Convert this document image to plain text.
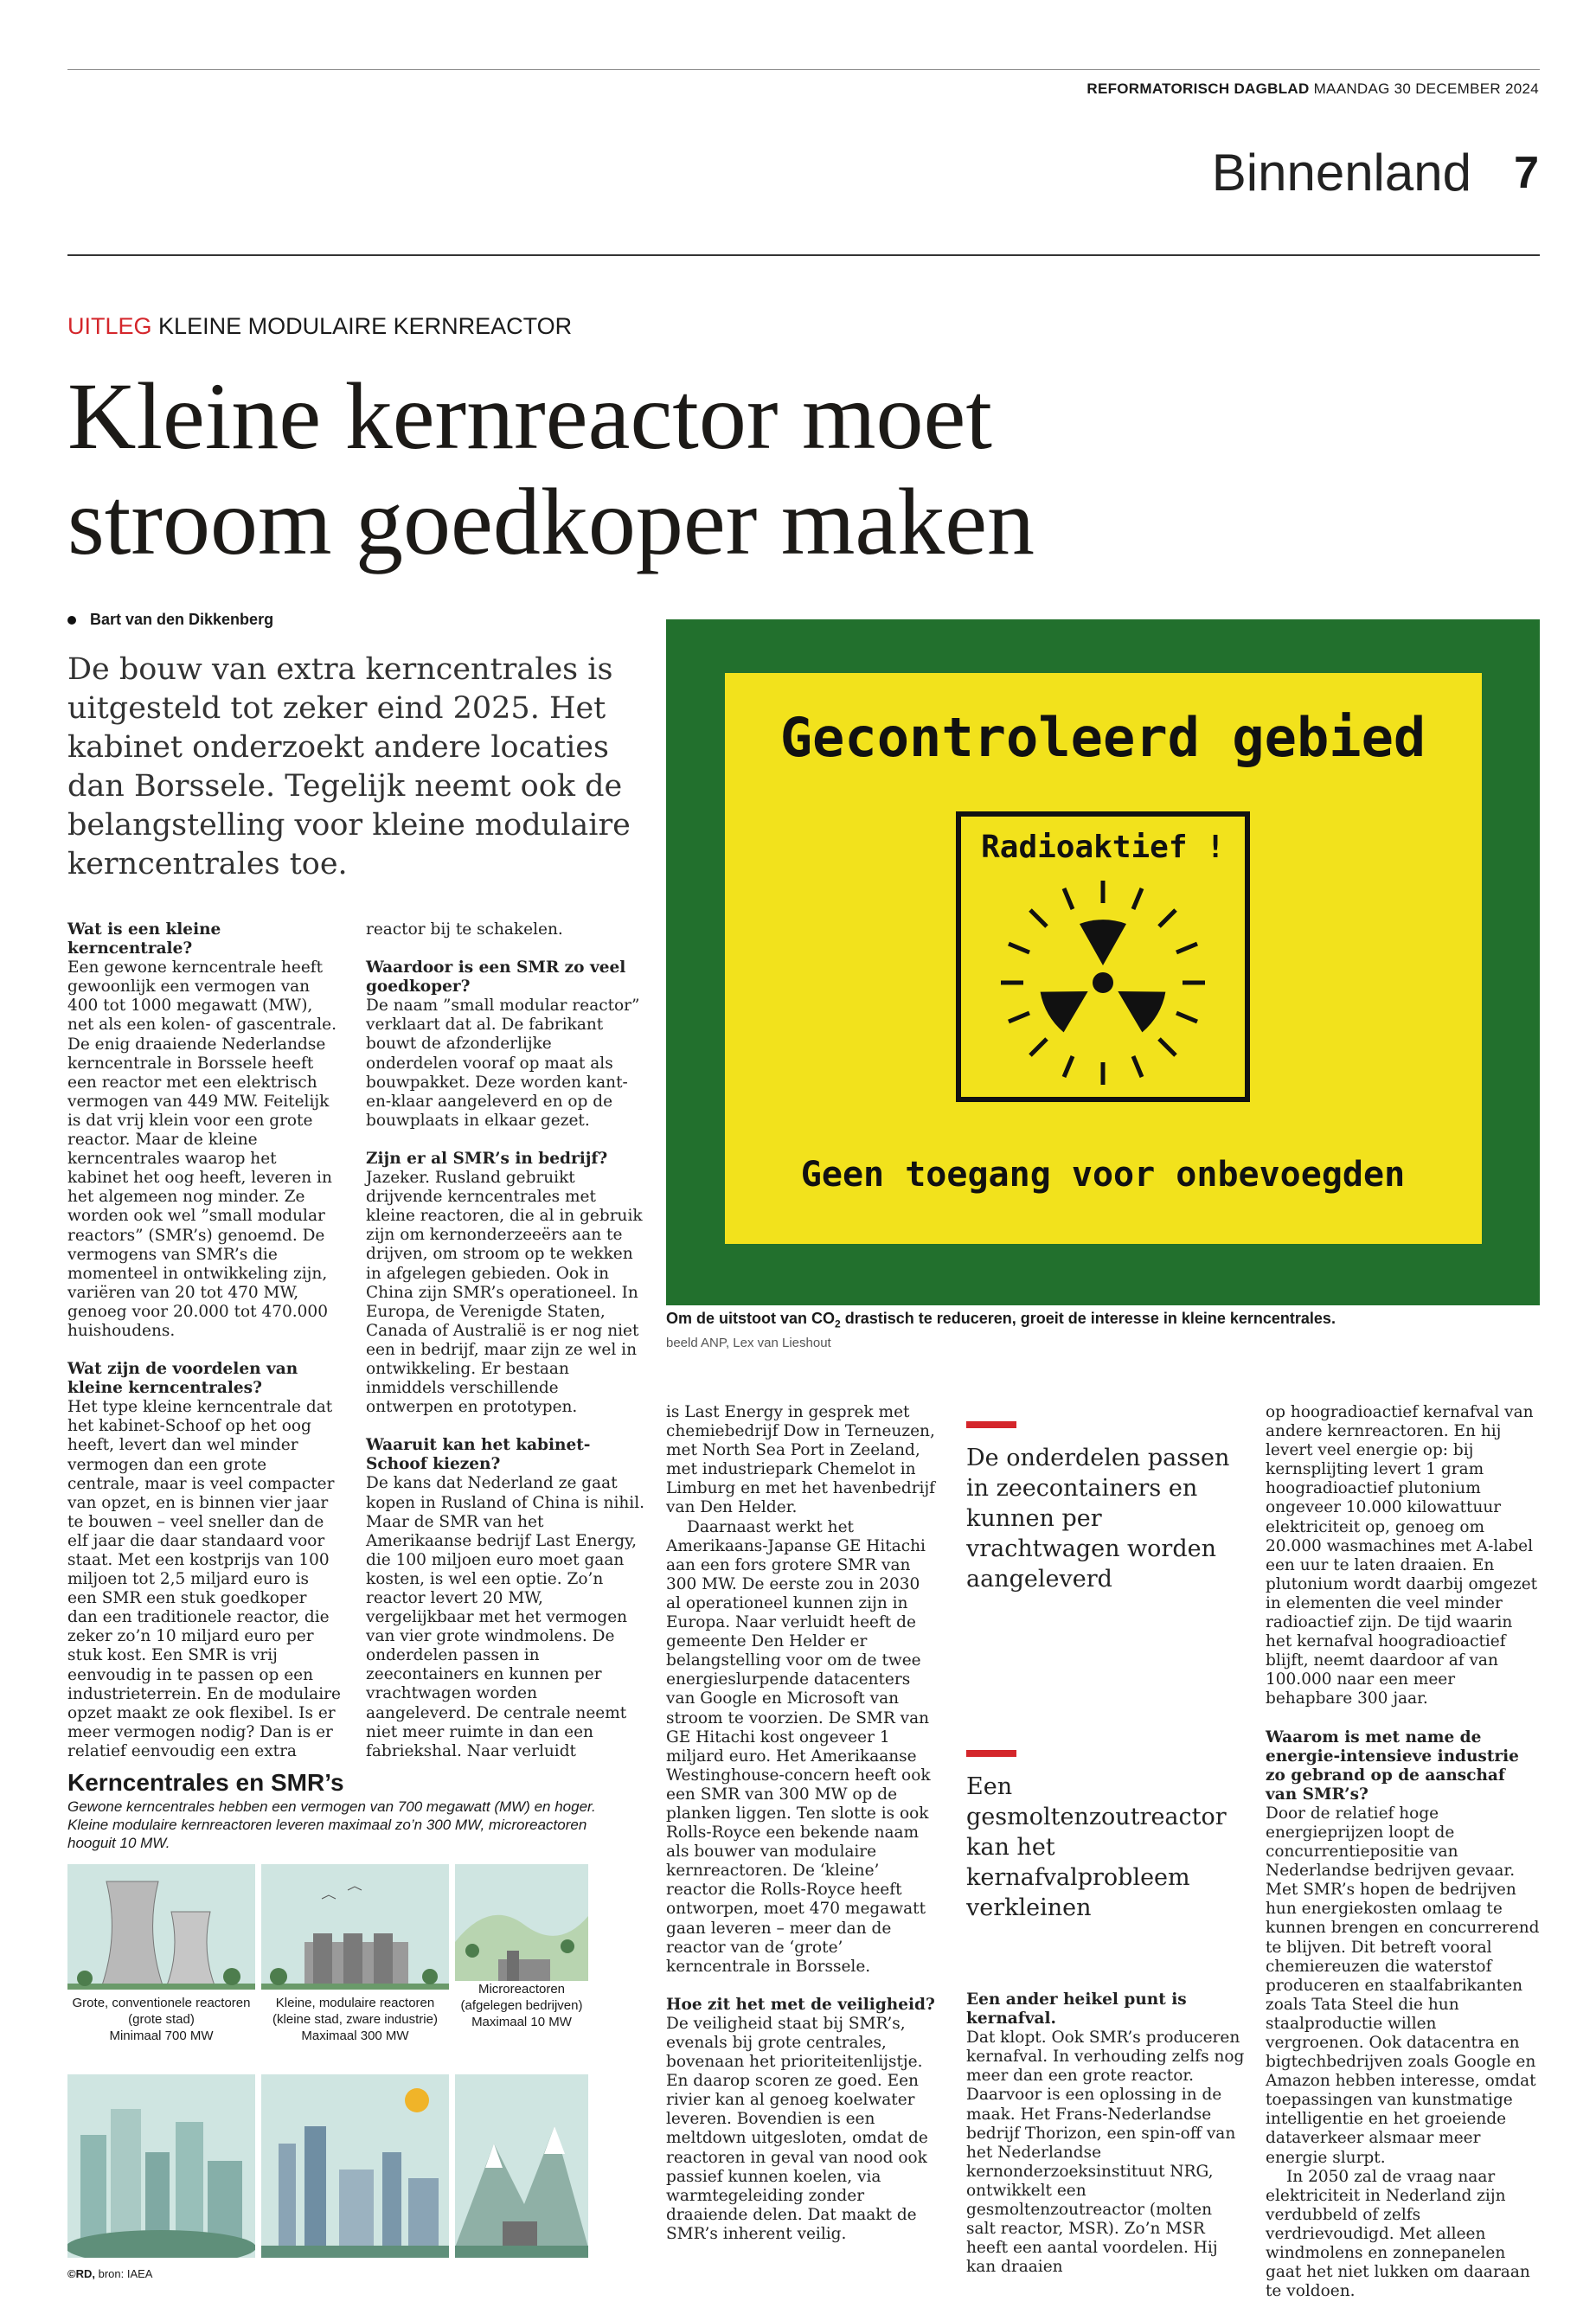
REFORMATORISCH DAGBLAD MAANDAG 30 DECEMBER 2024
Binnenland 7
UITLEG KLEINE MODULAIRE KERNREACTOR
Kleine kernreactor moet
stroom goedkoper maken
Bart van den Dikkenberg
De bouw van extra kerncentrales is uitgesteld tot zeker eind 2025. Het kabinet onderzoekt andere locaties dan Borssele. Tegelijk neemt ook de belangstelling voor kleine modulaire kerncentrales toe.

Wat is een kleine kerncentrale?

Een gewone kerncentrale heeft gewoonlijk een vermogen van 400 tot 1000 megawatt (MW), net als een kolen- of gascentrale. De enig draaiende Nederlandse kerncentrale in Borssele heeft een reactor met een elektrisch vermogen van 449 MW. Feitelijk is dat vrij klein voor een grote reactor. Maar de kleine kerncentrales waarop het kabinet het oog heeft, leveren in het algemeen nog minder. Ze worden ook wel ”small modular reactors” (SMR’s) genoemd. De vermogens van SMR’s die momenteel in ontwikkeling zijn, variëren van 20 tot 470 MW, genoeg voor 20.000 tot 470.000 huishoudens.

Wat zijn de voordelen van kleine kerncentrales?

Het type kleine kerncentrale dat het kabinet-Schoof op het oog heeft, levert dan wel minder vermogen dan een grote centrale, maar is veel compacter van opzet, en is binnen vier jaar te bouwen – veel sneller dan de elf jaar die daar standaard voor staat. Met een kostprijs van 100 miljoen tot 2,5 miljard euro is een SMR een stuk goedkoper dan een traditionele reactor, die zeker zo’n 10 miljard euro per stuk kost. Een SMR is vrij eenvoudig in te passen op een industrieterrein. En de modulaire opzet maakt ze ook flexibel. Is er meer vermogen nodig? Dan is er relatief eenvoudig een extra

reactor bij te schakelen.

Waardoor is een SMR zo veel goedkoper?

De naam ”small modular reactor” verklaart dat al. De fabrikant bouwt de afzonderlijke onderdelen vooraf op maat als bouwpakket. Deze worden kant-en-klaar aangeleverd en op de bouwplaats in elkaar gezet.

Zijn er al SMR’s in bedrijf?

Jazeker. Rusland gebruikt drijvende kerncentrales met kleine reactoren, die al in gebruik zijn om kernonderzeeërs aan te drijven, om stroom op te wekken in afgelegen gebieden. Ook in China zijn SMR’s operationeel. In Europa, de Verenigde Staten, Canada of Australië is er nog niet een in bedrijf, maar zijn ze wel in ontwikkeling. Er bestaan inmiddels verschillende ontwerpen en prototypen.

Waaruit kan het kabinet-Schoof kiezen?

De kans dat Nederland ze gaat kopen in Rusland of China is nihil. Maar de SMR van het Amerikaanse bedrijf Last Energy, die 100 miljoen euro moet gaan kosten, is wel een optie. Zo’n reactor levert 20 MW, vergelijkbaar met het vermogen van vier grote windmolens. De onderdelen passen in zeecontainers en kunnen per vrachtwagen worden aangeleverd. De centrale neemt niet meer ruimte in dan een fabriekshal. Naar verluidt

Gecontroleerd gebied
Radioaktief !
Geen toegang voor onbevoegden
Om de uitstoot van $CO_2$ drastisch te reduceren, groeit de interesse in kleine kerncentrales.
beeld ANP, Lex van Lieshout

is Last Energy in gesprek met chemiebedrijf Dow in Terneuzen, met North Sea Port in Zeeland, met industriepark Chemelot in Limburg en met het havenbedrijf van Den Helder.

Daarnaast werkt het Amerikaans-Japanse GE Hitachi aan een fors grotere SMR van 300 MW. De eerste zou in 2030 al operationeel kunnen zijn in Europa. Naar verluidt heeft de gemeente Den Helder er belangstelling voor om de twee energieslurpende datacenters van Google en Microsoft van stroom te voorzien. De SMR van GE Hitachi kost ongeveer 1 miljard euro. Het Amerikaanse Westinghouse-concern heeft ook een SMR van 300 MW op de planken liggen. Ten slotte is ook Rolls-Royce een bekende naam als bouwer van modulaire kernreactoren. De ‘kleine’ reactor die Rolls-Royce heeft ontworpen, moet 470 megawatt gaan leveren – meer dan de reactor van de ‘grote’ kerncentrale in Borssele.

Hoe zit het met de veiligheid?

De veiligheid staat bij SMR’s, evenals bij grote centrales, bovenaan het prioriteitenlijstje. En daarop scoren ze goed. Een rivier kan al genoeg koelwater leveren. Bovendien is een meltdown uitgesloten, omdat de reactoren in geval van nood ook passief kunnen koelen, via warmtegeleiding zonder draaiende delen. Dat maakt de SMR’s inherent veilig.

De onderdelen passen in zeecontainers en kunnen per vrachtwagen worden aangeleverd
Een gesmoltenzoutreactor kan het kernafvalprobleem verkleinen

Een ander heikel punt is kernafval.

Dat klopt. Ook SMR’s produceren kernafval. In verhouding zelfs nog meer dan een grote reactor. Daarvoor is een oplossing in de maak. Het Frans-Nederlandse bedrijf Thorizon, een spin-off van het Nederlandse kernonderzoeksinstituut NRG, ontwikkelt een gesmoltenzoutreactor (molten salt reactor, MSR). Zo’n MSR heeft een aantal voordelen. Hij kan draaien

op hoogradioactief kernafval van andere kernreactoren. En hij levert veel energie op: bij kernsplijting levert 1 gram hoogradioactief plutonium ongeveer 10.000 kilowattuur elektriciteit op, genoeg om 20.000 wasmachines met A-label een uur te laten draaien. En plutonium wordt daarbij omgezet in elementen die veel minder radioactief zijn. De tijd waarin het kernafval hoogradioactief blijft, neemt daardoor af van 100.000 naar een meer behapbare 300 jaar.

Waarom is met name de energie-intensieve industrie zo gebrand op de aanschaf van SMR’s?

Door de relatief hoge energieprijzen loopt de concurrentiepositie van Nederlandse bedrijven gevaar. Met SMR’s hopen de bedrijven hun energiekosten omlaag te kunnen brengen en concurrerend te blijven. Dit betreft vooral chemiereuzen die waterstof produceren en staalfabrikanten zoals Tata Steel die hun staalproductie willen vergroenen. Ook datacentra en bigtechbedrijven zoals Google en Amazon hebben interesse, omdat toepassingen van kunstmatige intelligentie en het groeiende dataverkeer alsmaar meer energie slurpt.

In 2050 zal de vraag naar elektriciteit in Nederland zijn verdubbeld of zelfs verdrievoudigd. Met alleen windmolens en zonnepanelen gaat het niet lukken om daaraan te voldoen.

Kerncentrales en SMR’s
Gewone kerncentrales hebben een vermogen van 700 megawatt (MW) en hoger. Kleine modulaire kernreactoren leveren maximaal zo’n 300 MW, microreactoren hooguit 10 MW.
Grote, conventionele reactoren
(grote stad)
Minimaal 700 MW
Kleine, modulaire reactoren
(kleine stad, zware industrie)
Maximaal 300 MW
Microreactoren
(afgelegen bedrijven)
Maximaal 10 MW
©RD, bron: IAEA
